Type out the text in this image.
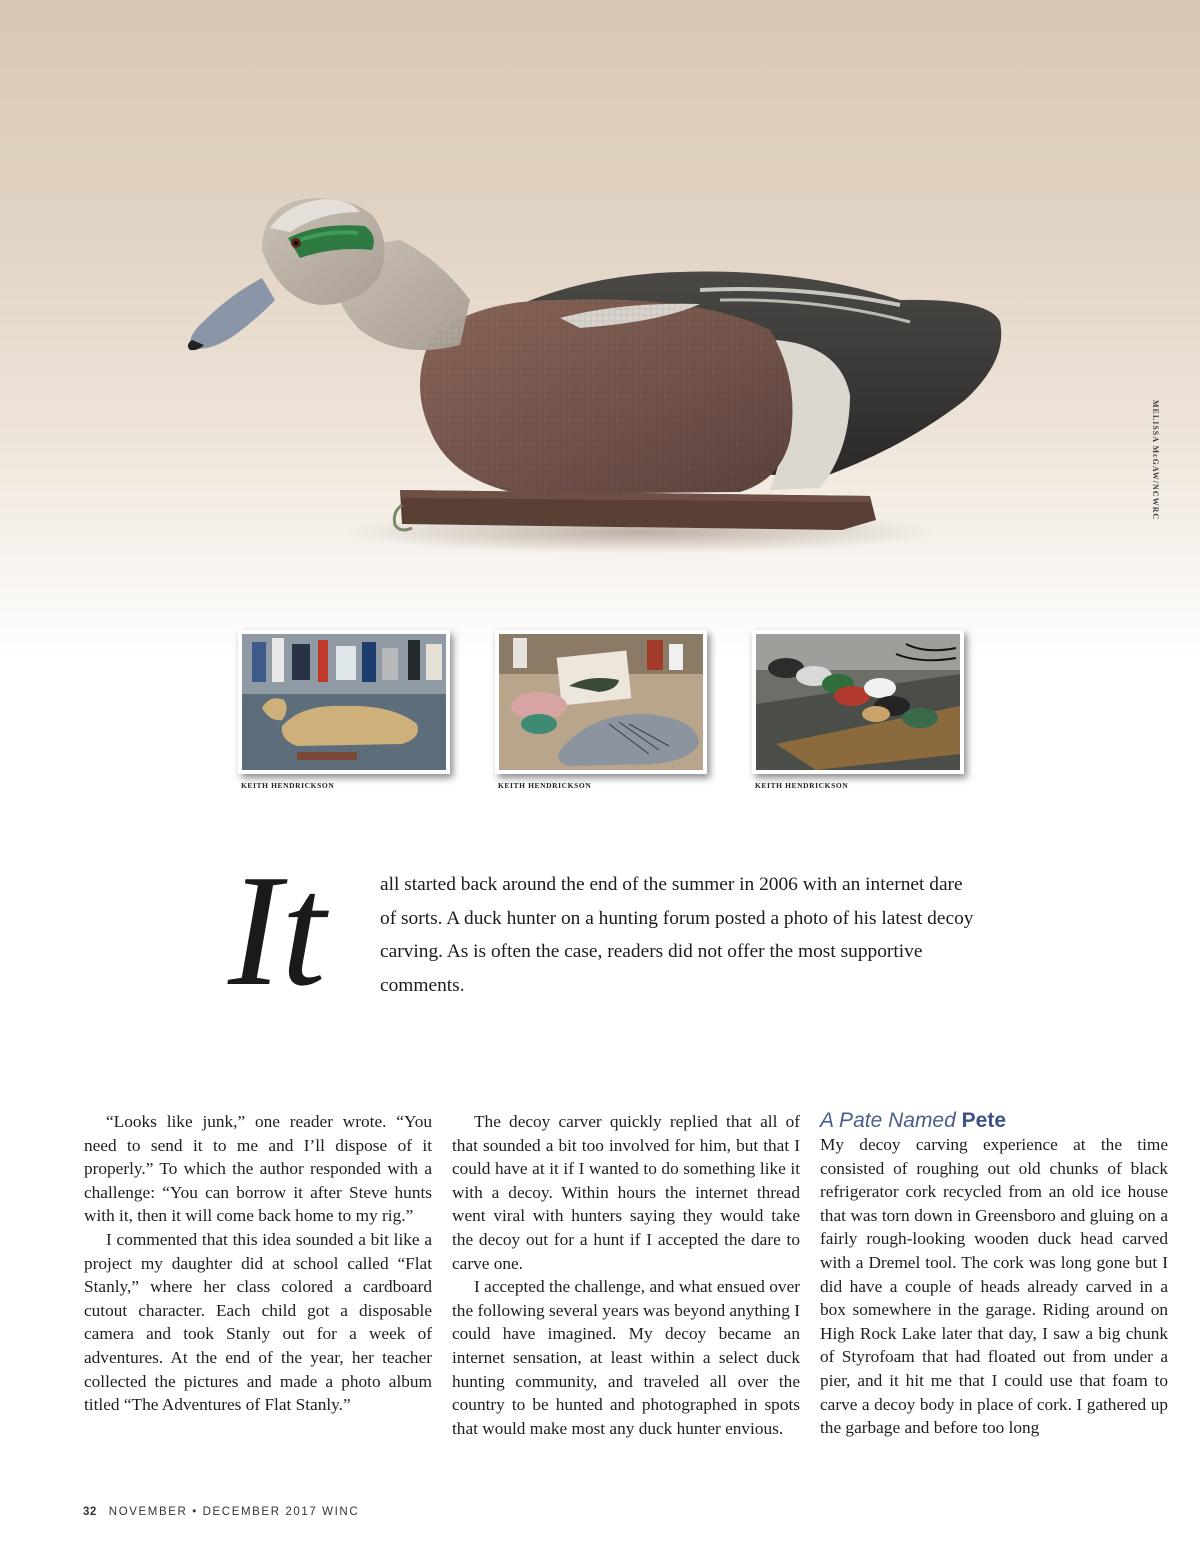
MELISSA McGAW/NCWRC
KEITH HENDRICKSON	KEITH HENDRICKSON	KEITH HENDRICKSON
It	all started back around the end of the summer in 2006 with an internet dare of sorts. A duck hunter on a hunting forum posted a photo of his latest decoy carving. As is often the case, readers did not offer the most supportive comments.

“Looks like junk,” one reader wrote. “You need to send it to me and I’ll dispose of it properly.” To which the author responded with a challenge: “You can borrow it after Steve hunts with it, then it will come back home to my rig.”

I commented that this idea sounded a bit like a project my daughter did at school called “Flat Stanly,” where her class colored a cardboard cutout character. Each child got a disposable camera and took Stanly out for a week of adventures. At the end of the year, her teacher collected the pictures and made a photo album titled “The Adventures of Flat Stanly.”

The decoy carver quickly replied that all of that sounded a bit too involved for him, but that I could have at it if I wanted to do something like it with a decoy. Within hours the internet thread went viral with hunters saying they would take the decoy out for a hunt if I accepted the dare to carve one.

I accepted the challenge, and what ensued over the following several years was beyond anything I could have imagined. My decoy became an internet sensation, at least within a select duck hunting community, and traveled all over the country to be hunted and photographed in spots that would make most any duck hunter envious.

A Pate Named Pete

My decoy carving experience at the time consisted of roughing out old chunks of black refrigerator cork recycled from an old ice house that was torn down in Greensboro and gluing on a fairly rough-looking wooden duck head carved with a Dremel tool. The cork was long gone but I did have a couple of heads already carved in a box somewhere in the garage. Riding around on High Rock Lake later that day, I saw a big chunk of Styrofoam that had floated out from under a pier, and it hit me that I could use that foam to carve a decoy body in place of cork. I gathered up the garbage and before too long

32 NOVEMBER • DECEMBER 2017 WINC
